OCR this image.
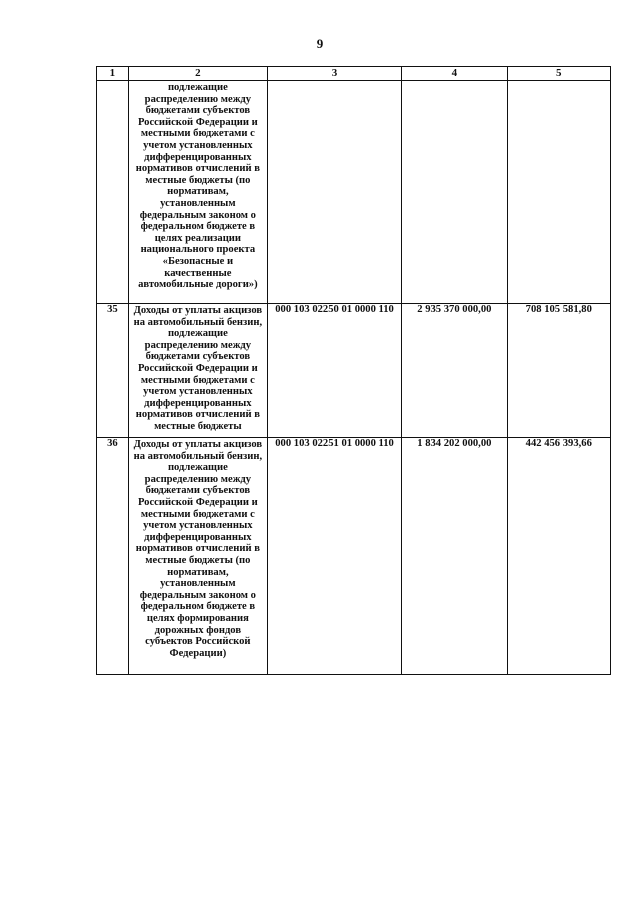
9
1	2	3	4	5

	подлежащие распределению между бюджетами субъектов Российской Федерации и местными бюджетами с учетом установленных дифференцированных нормативов отчислений в местные бюджеты (по нормативам, установленным федеральным законом о федеральном бюджете в целях реализации национального проекта «Безопасные и качественные автомобильные дороги»)			

35	Доходы от уплаты акцизов на автомобильный бензин, подлежащие распределению между бюджетами субъектов Российской Федерации и местными бюджетами с учетом установленных дифференцированных нормативов отчислений в местные бюджеты	000 103 02250 01 0000 110	2 935 370 000,00	708 105 581,80
36	Доходы от уплаты акцизов на автомобильный бензин, подлежащие распределению между бюджетами субъектов Российской Федерации и местными бюджетами с учетом установленных дифференцированных нормативов отчислений в местные бюджеты (по нормативам, установленным федеральным законом о федеральном бюджете в целях формирования дорожных фондов субъектов Российской Федерации)	000 103 02251 01 0000 110	1 834 202 000,00	442 456 393,66
